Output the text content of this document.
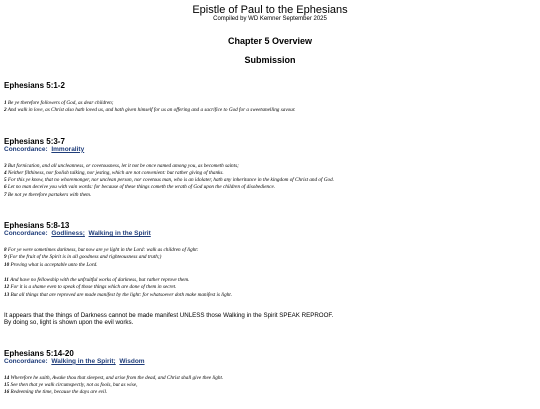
Epistle of Paul to the Ephesians
Compiled by WD Kemner September 2025
Chapter 5 Overview
Submission
Ephesians 5:1-2
1 Be ye therefore followers of God, as dear children;
2 And walk in love, as Christ also hath loved us, and hath given himself for us an offering and a sacrifice to God for a sweetsmelling savour.
Ephesians 5:3-7
Concordance: Immorality
3 But fornication, and all uncleanness, or covetousness, let it not be once named among you, as becometh saints;
4 Neither filthiness, nor foolish talking, nor jesting, which are not convenient: but rather giving of thanks.
5 For this ye know, that no whoremonger, nor unclean person, nor covetous man, who is an idolater, hath any inheritance in the kingdom of Christ and of God.
6 Let no man deceive you with vain words: for because of these things cometh the wrath of God upon the children of disobedience.
7 Be not ye therefore partakers with them.
Ephesians 5:8-13
Concordance: Godliness; Walking in the Spirit
8 For ye were sometimes darkness, but now are ye light in the Lord: walk as children of light:
9 (For the fruit of the Spirit is in all goodness and righteousness and truth;)
10 Proving what is acceptable unto the Lord.
11 And have no fellowship with the unfruitful works of darkness, but rather reprove them.
12 For it is a shame even to speak of those things which are done of them in secret.
13 But all things that are reproved are made manifest by the light: for whatsoever doth make manifest is light.
It appears that the things of Darkness cannot be made manifest UNLESS those Walking in the Spirit SPEAK REPROOF.
By doing so, light is shown upon the evil works.
Ephesians 5:14-20
Concordance: Walking in the Spirit; Wisdom
14 Wherefore he saith, Awake thou that sleepest, and arise from the dead, and Christ shall give thee light.
15 See then that ye walk circumspectly, not as fools, but as wise,
16 Redeeming the time, because the days are evil.
